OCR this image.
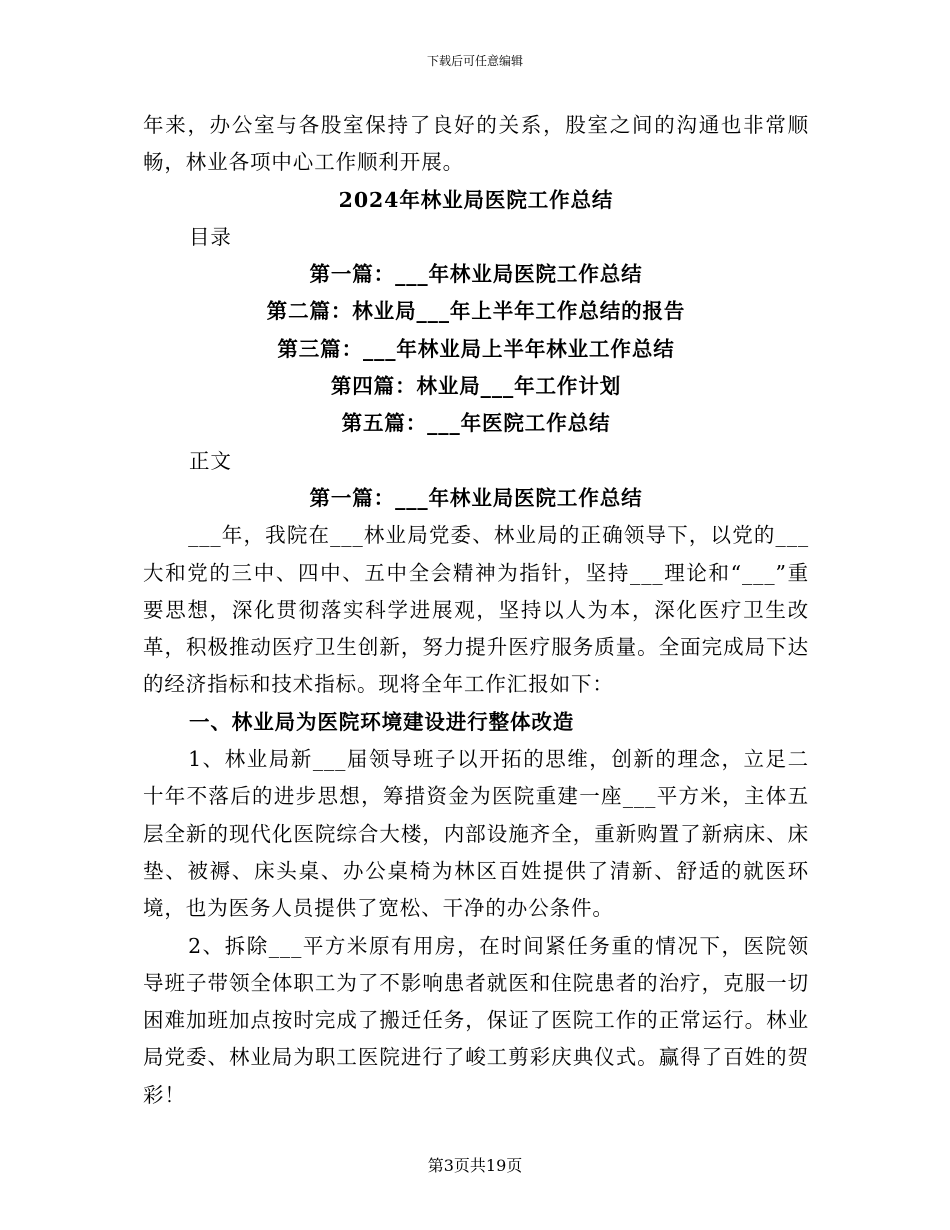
下载后可任意编辑

年来，办公室与各股室保持了良好的关系，股室之间的沟通也非常顺畅，林业各项中心工作顺利开展。

2024年林业局医院工作总结

目录

第一篇：___年林业局医院工作总结

第二篇：林业局___年上半年工作总结的报告

第三篇：___年林业局上半年林业工作总结

第四篇：林业局___年工作计划

第五篇：___年医院工作总结

正文

第一篇：___年林业局医院工作总结

___年，我院在___林业局党委、林业局的正确领导下，以党的___大和党的三中、四中、五中全会精神为指针，坚持___理论和“___”重要思想，深化贯彻落实科学进展观，坚持以人为本，深化医疗卫生改革，积极推动医疗卫生创新，努力提升医疗服务质量。全面完成局下达的经济指标和技术指标。现将全年工作汇报如下：

一、林业局为医院环境建设进行整体改造

1、林业局新___届领导班子以开拓的思维，创新的理念，立足二十年不落后的进步思想，筹措资金为医院重建一座___平方米，主体五层全新的现代化医院综合大楼，内部设施齐全，重新购置了新病床、床垫、被褥、床头桌、办公桌椅为林区百姓提供了清新、舒适的就医环境，也为医务人员提供了宽松、干净的办公条件。

2、拆除___平方米原有用房，在时间紧任务重的情况下，医院领导班子带领全体职工为了不影响患者就医和住院患者的治疗，克服一切困难加班加点按时完成了搬迁任务，保证了医院工作的正常运行。林业局党委、林业局为职工医院进行了峻工剪彩庆典仪式。赢得了百姓的贺彩！

第3页共19页
